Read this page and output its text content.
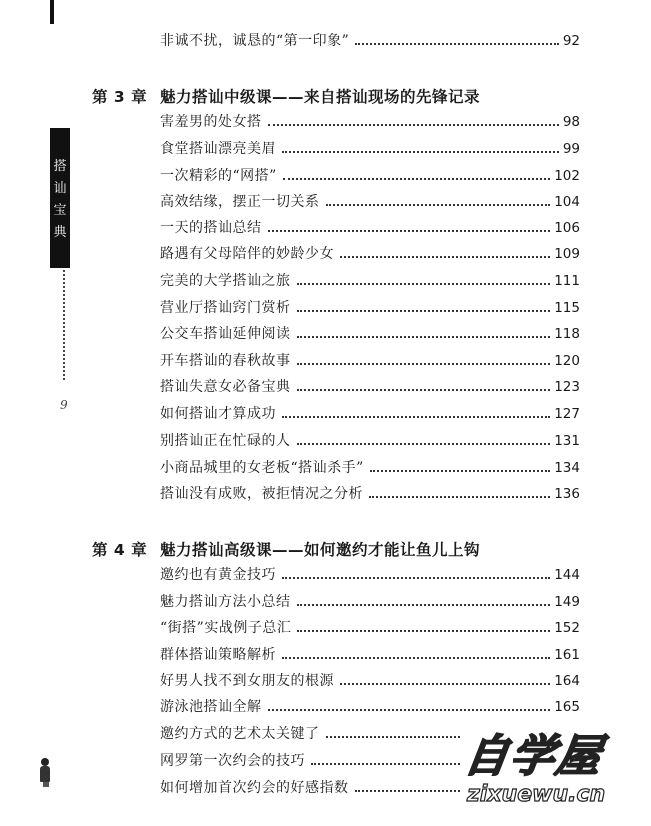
搭
讪
宝
典
9
非诚不扰，诚恳的“第一印象”	92
第 3 章 魅力搭讪中级课——来自搭讪现场的先锋记录
害羞男的处女搭	98
食堂搭讪漂亮美眉	99
一次精彩的“网搭”	102
高效结缘，摆正一切关系	104
一天的搭讪总结	106
路遇有父母陪伴的妙龄少女	109
完美的大学搭讪之旅	111
营业厅搭讪窍门赏析	115
公交车搭讪延伸阅读	118
开车搭讪的春秋故事	120
搭讪失意女必备宝典	123
如何搭讪才算成功	127
别搭讪正在忙碌的人	131
小商品城里的女老板“搭讪杀手”	134
搭讪没有成败，被拒情况之分析	136
第 4 章 魅力搭讪高级课——如何邀约才能让鱼儿上钩
邀约也有黄金技巧	144
魅力搭讪方法小总结	149
“街搭”实战例子总汇	152
群体搭讪策略解析	161
好男人找不到女朋友的根源	164
游泳池搭讪全解	165
邀约方式的艺术太关键了
网罗第一次约会的技巧
如何增加首次约会的好感指数
自学屋
zixuewu.cn
